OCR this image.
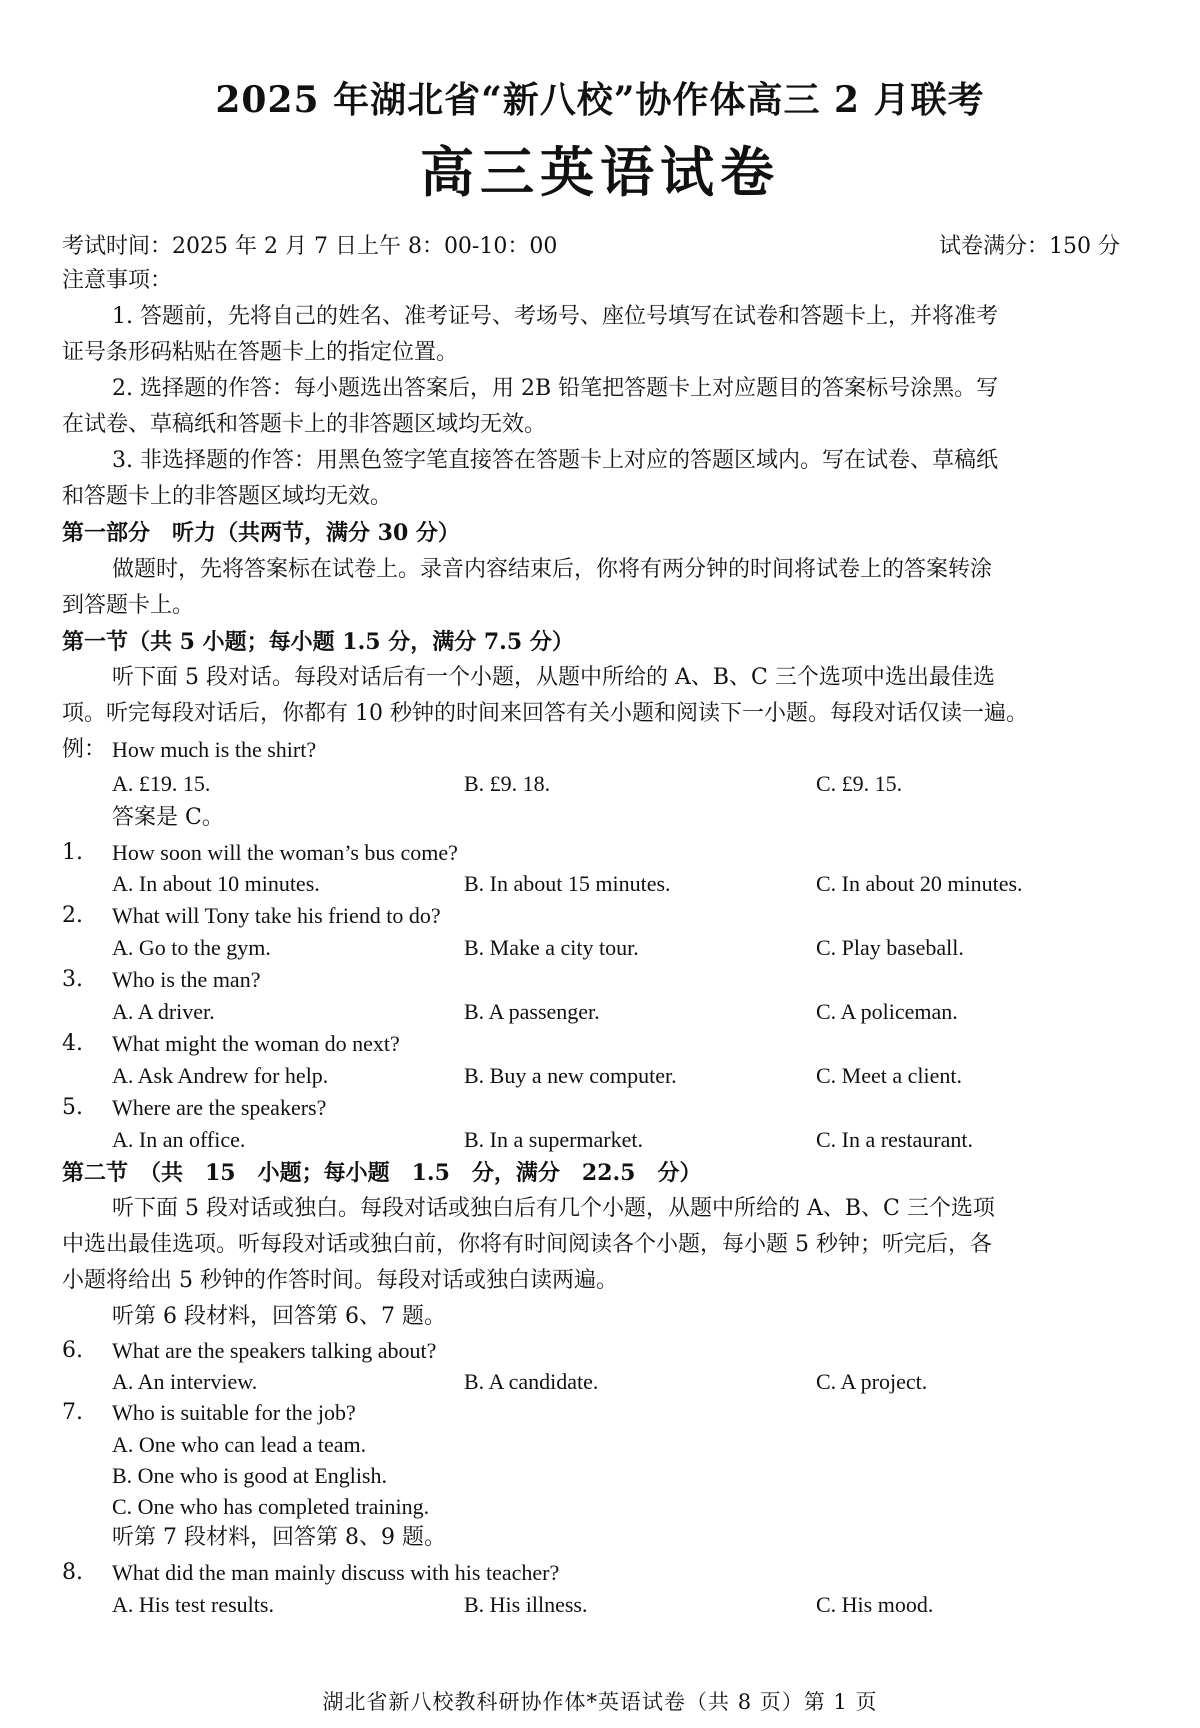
2025 年湖北省“新八校”协作体高三 2 月联考
高三英语试卷
考试时间：2025 年 2 月 7 日上午 8：00-10：00	试卷满分：150 分
注意事项：
1. 答题前，先将自己的姓名、准考证号、考场号、座位号填写在试卷和答题卡上，并将准考
证号条形码粘贴在答题卡上的指定位置。
2. 选择题的作答：每小题选出答案后，用 2B 铅笔把答题卡上对应题目的答案标号涂黑。写
在试卷、草稿纸和答题卡上的非答题区域均无效。
3. 非选择题的作答：用黑色签字笔直接答在答题卡上对应的答题区域内。写在试卷、草稿纸
和答题卡上的非答题区域均无效。
第一部分　听力（共两节，满分 30 分）
做题时，先将答案标在试卷上。录音内容结束后，你将有两分钟的时间将试卷上的答案转涂
到答题卡上。
第一节（共 5 小题；每小题 1.5 分，满分 7.5 分）
听下面 5 段对话。每段对话后有一个小题，从题中所给的 A、B、C 三个选项中选出最佳选
项。听完每段对话后，你都有 10 秒钟的时间来回答有关小题和阅读下一小题。每段对话仅读一遍。
例： How much is the shirt?
A. £19. 15.	B. £9. 18.	C. £9. 15.
答案是 C。
1. How soon will the woman’s bus come?
A. In about 10 minutes.	B. In about 15 minutes.	C. In about 20 minutes.
2. What will Tony take his friend to do?
A. Go to the gym.	B. Make a city tour.	C. Play baseball.
3. Who is the man?
A. A driver.	B. A passenger.	C. A policeman.
4. What might the woman do next?
A. Ask Andrew for help.	B. Buy a new computer.	C. Meet a client.
5. Where are the speakers?
A. In an office.	B. In a supermarket.	C. In a restaurant.
第二节　（共　15　小题；每小题　1.5　分，满分　22.5　分）
听下面 5 段对话或独白。每段对话或独白后有几个小题，从题中所给的 A、B、C 三个选项
中选出最佳选项。听每段对话或独白前，你将有时间阅读各个小题，每小题 5 秒钟；听完后，各
小题将给出 5 秒钟的作答时间。每段对话或独白读两遍。
听第 6 段材料，回答第 6、7 题。
6. What are the speakers talking about?
A. An interview.	B. A candidate.	C. A project.
7. Who is suitable for the job?
A. One who can lead a team.
B. One who is good at English.
C. One who has completed training.
听第 7 段材料，回答第 8、9 题。
8. What did the man mainly discuss with his teacher?
A. His test results.	B. His illness.	C. His mood.
湖北省新八校教科研协作体*英语试卷（共 8 页）第 1 页
